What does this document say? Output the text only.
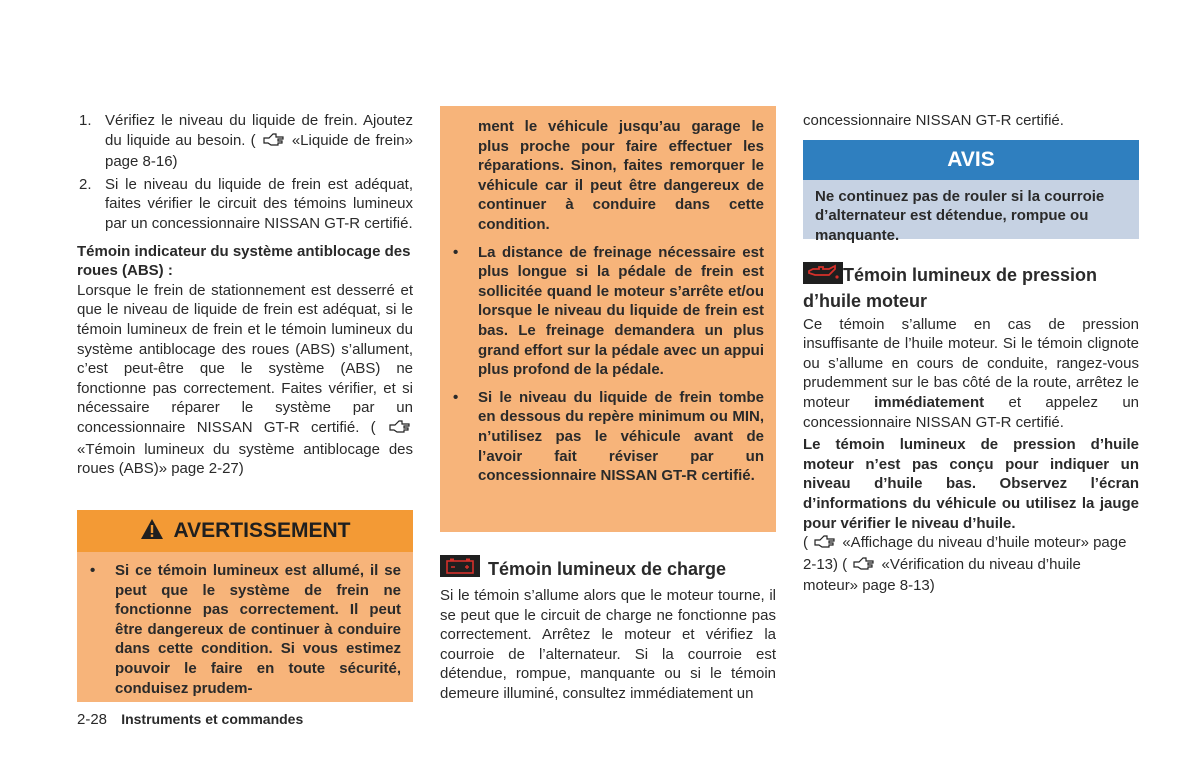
1. Vérifiez le niveau du liquide de frein. Ajoutez du liquide au besoin. ( «Liquide de frein» page 8-16)
2. Si le niveau du liquide de frein est adéquat, faites vérifier le circuit des témoins lumineux par un concessionnaire NISSAN GT-R certifié.

Témoin indicateur du système antiblocage des roues (ABS) :

Lorsque le frein de stationnement est desserré et que le niveau de liquide de frein est adéquat, si le témoin lumineux de frein et le témoin lumineux du système antiblocage des roues (ABS) s’allument, c’est peut-être que le système (ABS) ne fonctionne pas correctement. Faites vérifier, et si nécessaire réparer le système par un concessionnaire NISSAN GT-R certifié. (  «Témoin lumineux du système antiblocage des roues (ABS)» page 2-27)

AVERTISSEMENT
• Si ce témoin lumineux est allumé, il se peut que le système de frein ne fonctionne pas correctement. Il peut être dangereux de continuer à conduire dans cette condition. Si vous estimez pouvoir le faire en toute sécurité, conduisez prudem-
ment le véhicule jusqu’au garage le plus proche pour faire effectuer les réparations. Sinon, faites remorquer le véhicule car il peut être dangereux de continuer à conduire dans cette condition.
• La distance de freinage nécessaire est plus longue si la pédale de frein est sollicitée quand le moteur s’arrête et/ou lorsque le niveau du liquide de frein est bas. Le freinage demandera un plus grand effort sur la pédale avec un appui plus profond de la pédale.
• Si le niveau du liquide de frein tombe en dessous du repère minimum ou MIN, n’utilisez pas le véhicule avant de l’avoir fait réviser par un concessionnaire NISSAN GT-R certifié.
Témoin lumineux de charge

Si le témoin s’allume alors que le moteur tourne, il se peut que le circuit de charge ne fonctionne pas correctement. Arrêtez le moteur et vérifiez la courroie de l’alternateur. Si la courroie est détendue, rompue, manquante ou si le témoin demeure illuminé, consultez immédiatement un

concessionnaire NISSAN GT-R certifié.

AVIS
Ne continuez pas de rouler si la courroie d’alternateur est détendue, rompue ou manquante.
Témoin lumineux de pression d’huile moteur

Ce témoin s’allume en cas de pression insuffisante de l’huile moteur. Si le témoin clignote ou s’allume en cours de conduite, rangez-vous prudemment sur le bas côté de la route, arrêtez le moteur immédiatement et appelez un concessionnaire NISSAN GT-R certifié.

Le témoin lumineux de pression d’huile moteur n’est pas conçu pour indiquer un niveau d’huile bas. Observez l’écran d’informations du véhicule ou utilisez la jauge pour vérifier le niveau d’huile.

( «Affichage du niveau d’huile moteur» page 2-13) ( «Vérification du niveau d’huile moteur» page 8-13)

2-28 Instruments et commandes
